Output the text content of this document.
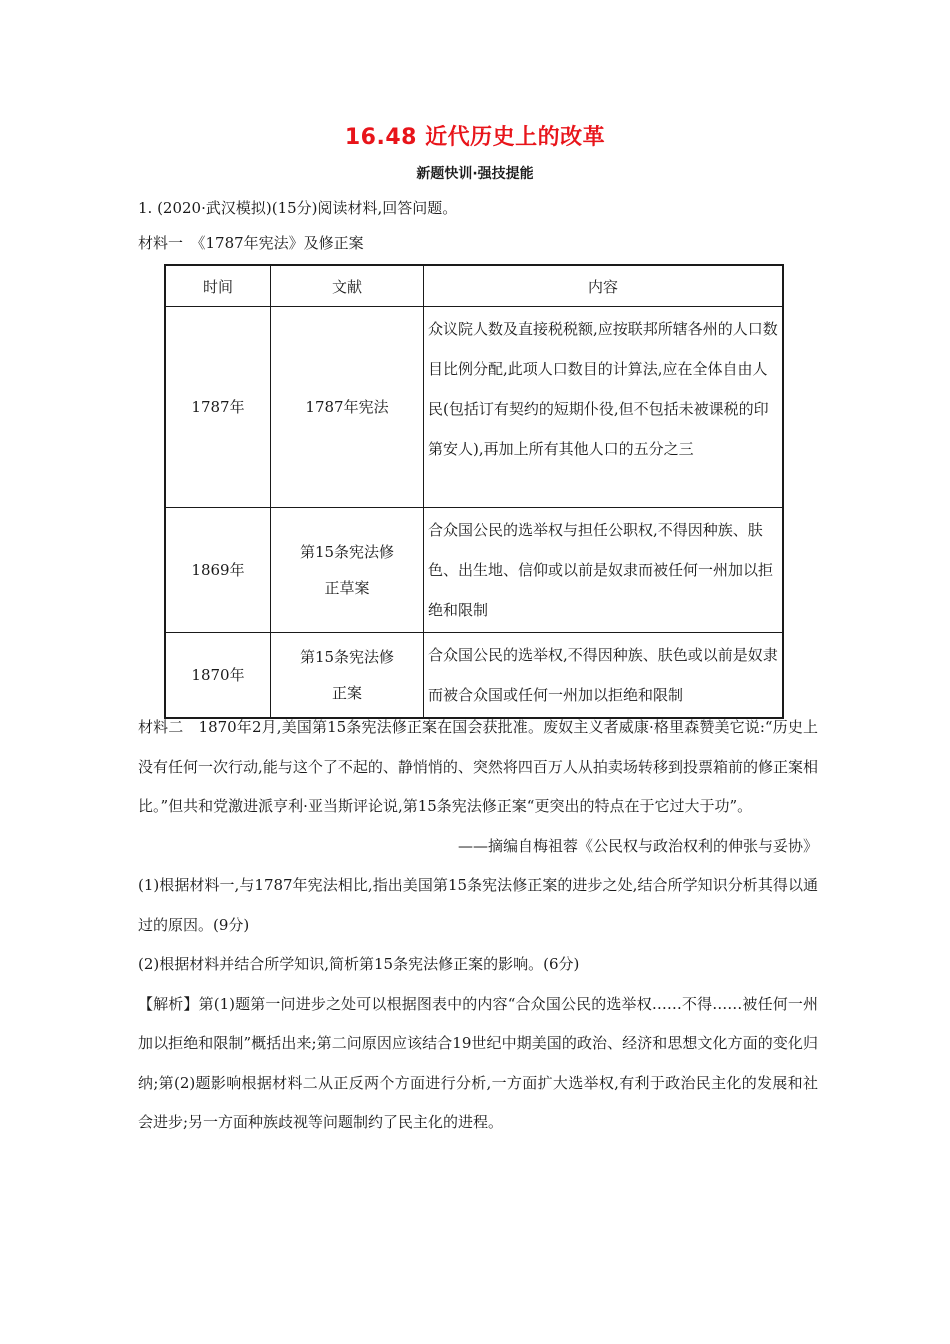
16.48 近代历史上的改革
新题快训·强技提能
1. (2020·武汉模拟)(15分)阅读材料,回答问题。
材料一　《1787年宪法》及修正案
时间	文献	内容
1787年	1787年宪法	众议院人数及直接税税额,应按联邦所辖各州的人口数目比例分配,此项人口数目的计算法,应在全体自由人民(包括订有契约的短期仆役,但不包括未被课税的印第安人),再加上所有其他人口的五分之三
1869年	第15条宪法修正草案	合众国公民的选举权与担任公职权,不得因种族、肤色、出生地、信仰或以前是奴隶而被任何一州加以拒绝和限制
1870年	第15条宪法修正案	合众国公民的选举权,不得因种族、肤色或以前是奴隶而被合众国或任何一州加以拒绝和限制

材料二　1870年2月,美国第15条宪法修正案在国会获批准。废奴主义者威康·格里森赞美它说:“历史上没有任何一次行动,能与这个了不起的、静悄悄的、突然将四百万人从拍卖场转移到投票箱前的修正案相比。”但共和党激进派亨利·亚当斯评论说,第15条宪法修正案“更突出的特点在于它过大于功”。

——摘编自梅祖蓉《公民权与政治权利的伸张与妥协》

(1)根据材料一,与1787年宪法相比,指出美国第15条宪法修正案的进步之处,结合所学知识分析其得以通过的原因。(9分)

(2)根据材料并结合所学知识,简析第15条宪法修正案的影响。(6分)

【解析】第(1)题第一问进步之处可以根据图表中的内容“合众国公民的选举权……不得……被任何一州加以拒绝和限制”概括出来;第二问原因应该结合19世纪中期美国的政治、经济和思想文化方面的变化归纳;第(2)题影响根据材料二从正反两个方面进行分析,一方面扩大选举权,有利于政治民主化的发展和社会进步;另一方面种族歧视等问题制约了民主化的进程。
